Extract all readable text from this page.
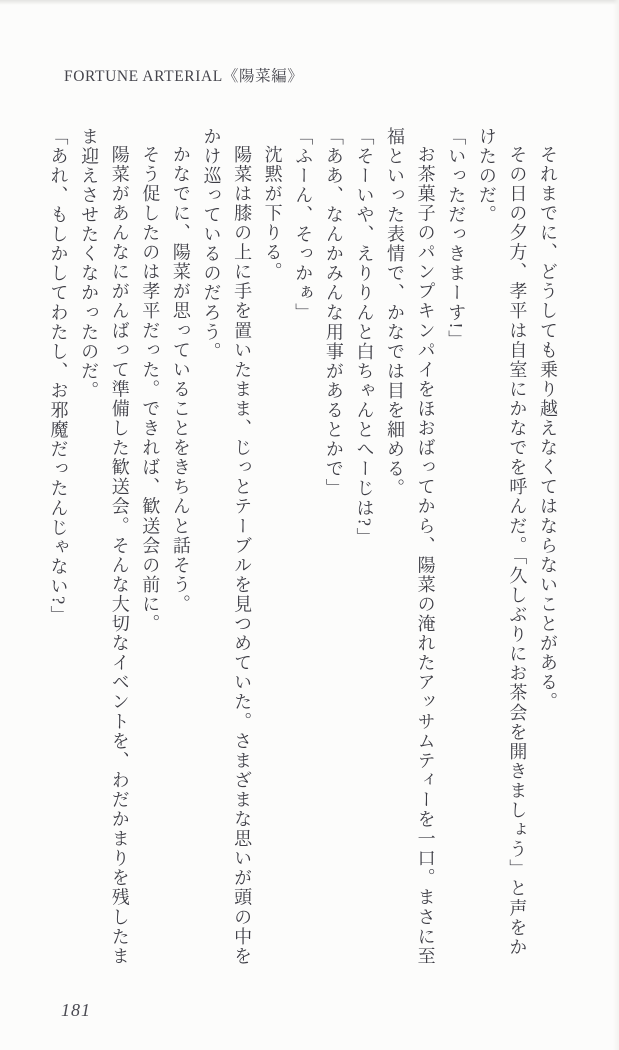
FORTUNE ARTERIAL《陽菜編》

それまでに、どうしても乗り越えなくてはならないことがある。

その日の夕方、孝平は自室にかなでを呼んだ。「久しぶりにお茶会を開きましょう」と声をかけたのだ。

「いっただっきまーす!」

お茶菓子のパンプキンパイをほおばってから、陽菜の淹れたアッサムティーを一口。まさに至福といった表情で、かなでは目を細める。

「そーいや、えりりんと白ちゃんとへーじは?」

「ああ、なんかみんな用事があるとかで」

「ふーん、そっかぁ」

沈黙が下りる。

陽菜は膝の上に手を置いたまま、じっとテーブルを見つめていた。さまざまな思いが頭の中をかけ巡っているのだろう。

かなでに、陽菜が思っていることをきちんと話そう。

そう促したのは孝平だった。できれば、歓送会の前に。

陽菜があんなにがんばって準備した歓送会。そんな大切なイベントを、わだかまりを残したまま迎えさせたくなかったのだ。

「あれ、もしかしてわたし、お邪魔だったんじゃない?」

181
